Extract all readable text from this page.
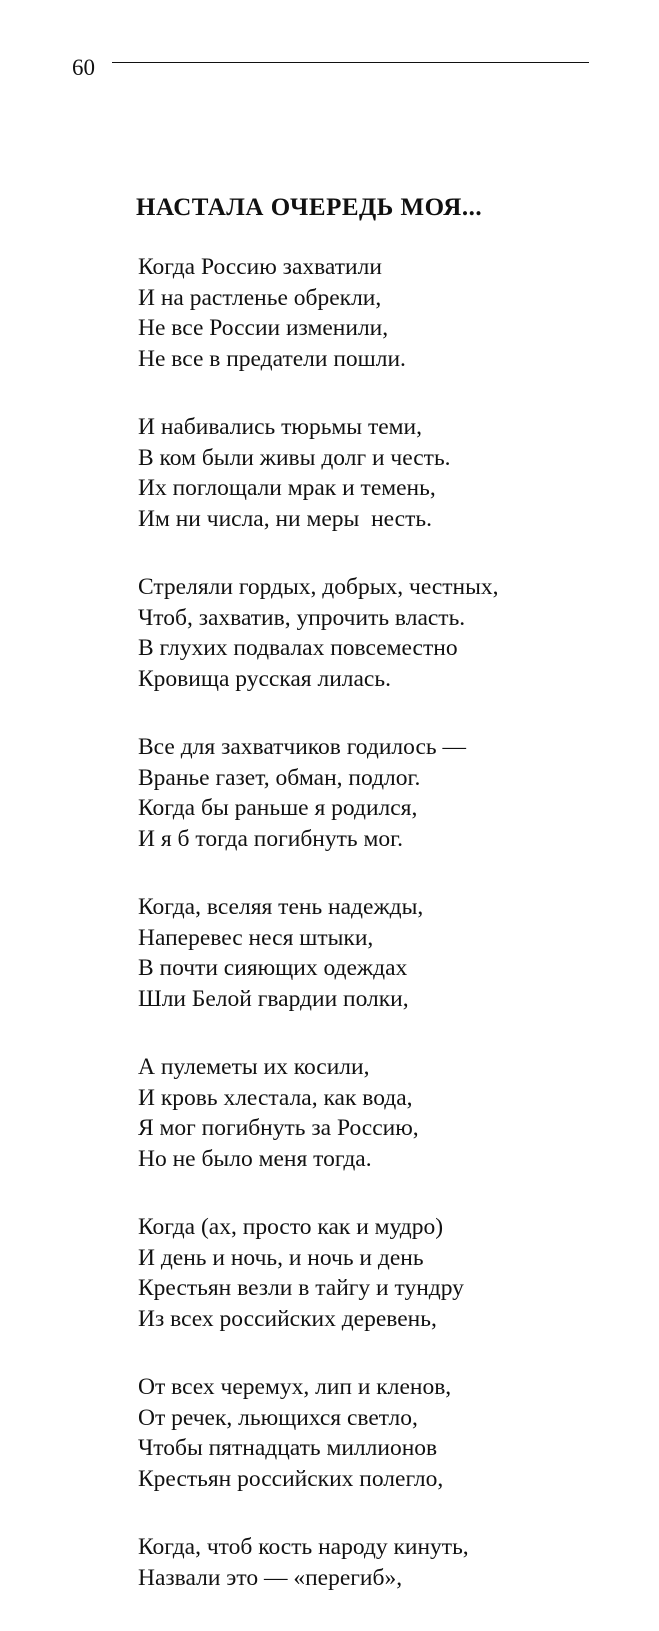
60
НАСТАЛА ОЧЕРЕДЬ МОЯ...
Когда Россию захватили
И на растленье обрекли,
Не все России изменили,
Не все в предатели пошли.
И набивались тюрьмы теми,
В ком были живы долг и честь.
Их поглощали мрак и темень,
Им ни числа, ни меры  несть.
Стреляли гордых, добрых, честных,
Чтоб, захватив, упрочить власть.
В глухих подвалах повсеместно
Кровища русская лилась.
Все для захватчиков годилось —
Вранье газет, обман, подлог.
Когда бы раньше я родился,
И я б тогда погибнуть мог.
Когда, вселяя тень надежды,
Наперевес неся штыки,
В почти сияющих одеждах
Шли Белой гвардии полки,
А пулеметы их косили,
И кровь хлестала, как вода,
Я мог погибнуть за Россию,
Но не было меня тогда.
Когда (ах, просто как и мудро)
И день и ночь, и ночь и день
Крестьян везли в тайгу и тундру
Из всех российских деревень,
От всех черемух, лип и кленов,
От речек, льющихся светло,
Чтобы пятнадцать миллионов
Крестьян российских полегло,
Когда, чтоб кость народу кинуть,
Назвали это — «перегиб»,
